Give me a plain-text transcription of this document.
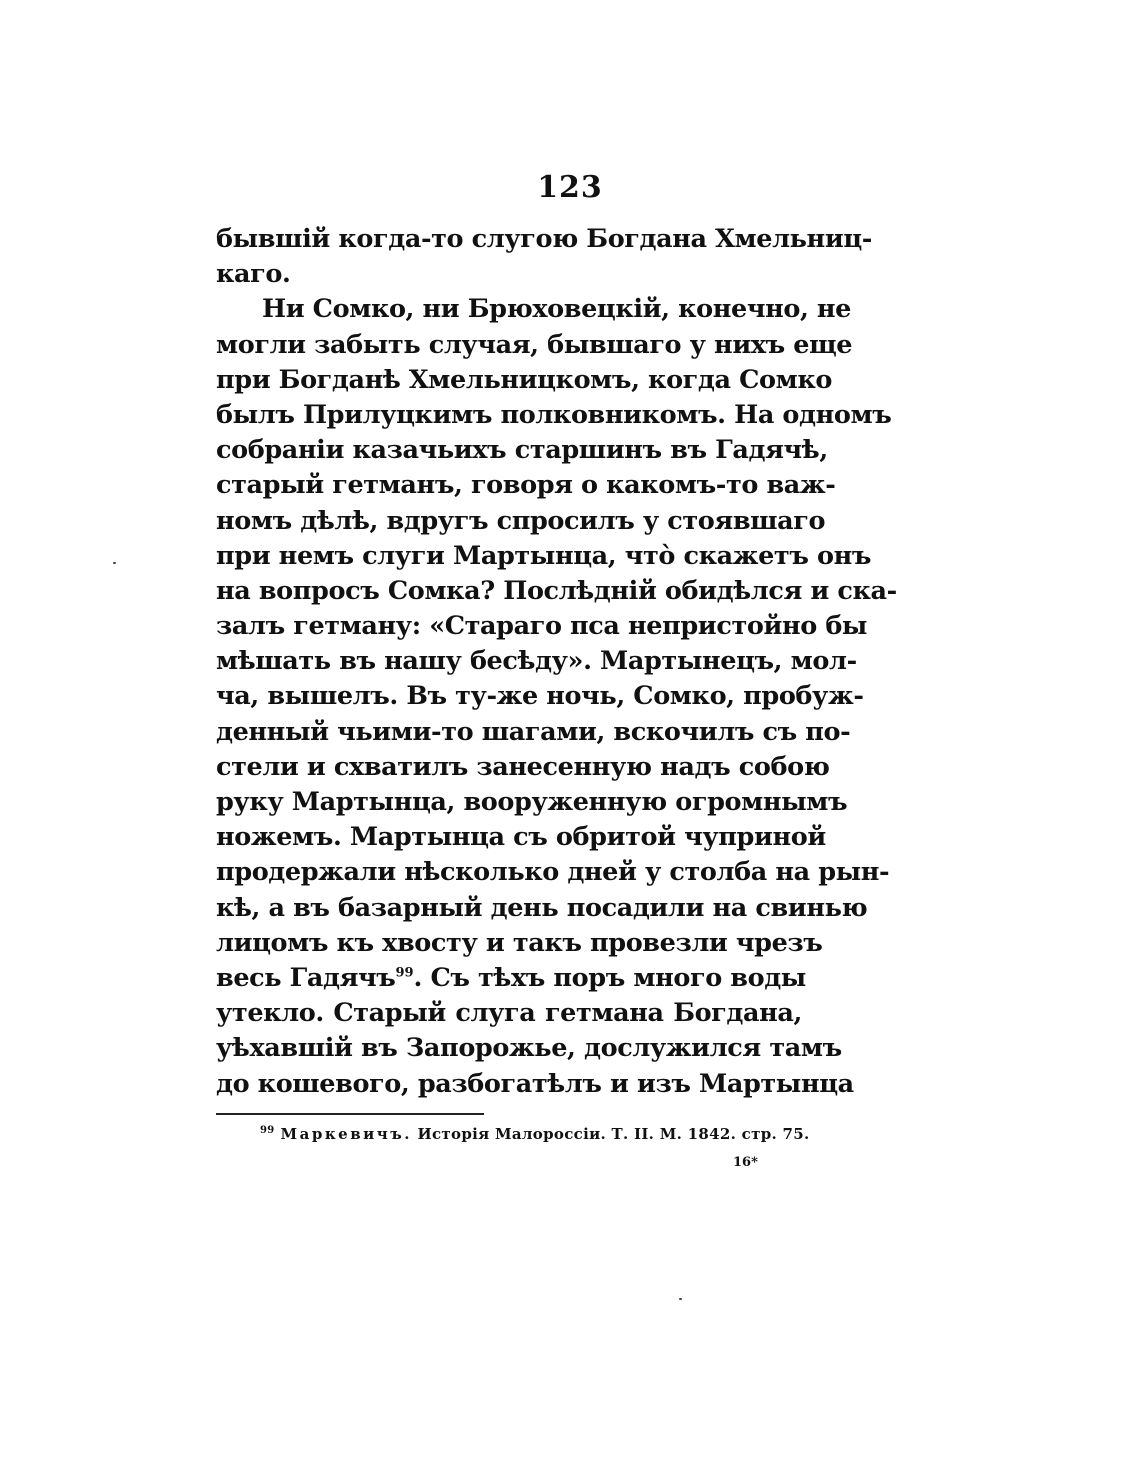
123
бывшій когда-то слугою Богдана Хмельниц-
каго.
Ни Сомко, ни Брюховецкій, конечно, не
могли забыть случая, бывшаго у нихъ еще
при Богданѣ Хмельницкомъ, когда Сомко
былъ Прилуцкимъ полковникомъ. На одномъ
собраніи казачьихъ старшинъ въ Гадячѣ,
старый гетманъ, говоря о какомъ-то важ-
номъ дѣлѣ, вдругъ спросилъ у стоявшаго
при немъ слуги Мартынца, что̀ скажетъ онъ
на вопросъ Сомка? Послѣдній обидѣлся и ска-
залъ гетману: «Стараго пса непристойно бы
мѣшать въ нашу бесѣду». Мартынецъ, мол-
ча, вышелъ. Въ ту-же ночь, Сомко, пробуж-
денный чьими-то шагами, вскочилъ съ по-
стели и схватилъ занесенную надъ собою
руку Мартынца, вооруженную огромнымъ
ножемъ. Мартынца съ обритой чуприной
продержали нѣсколько дней у столба на рын-
кѣ, а въ базарный день посадили на свинью
лицомъ къ хвосту и такъ провезли чрезъ
весь Гадячъ$^{99}$. Съ тѣхъ поръ много воды
утекло. Старый слуга гетмана Богдана,
уѣхавшій въ Запорожье, дослужился тамъ
до кошевого, разбогатѣлъ и изъ Мартынца
$^{99}$ Маркевичъ. Исторія Малороссіи. Т. II. М. 1842. стр. 75.
16*
